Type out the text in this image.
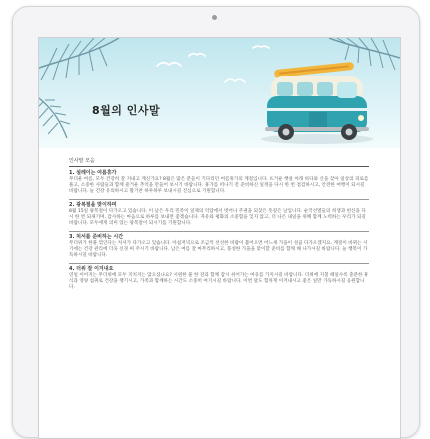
8월의 인사말
인사말 모음
1. 설레이는 여름휴가
무더운 여름, 모두 건강히 잘 지내고 계신가요? 8월은 많은 분들이 기다리던 여름휴가의 계절입니다. 뜨거운 햇살 아래 바다와 산을 찾아 일상의 피로를 풀고, 소중한 사람들과 함께 즐거운 추억을 만들어 보시기 바랍니다. 휴가를 떠나기 전 준비하신 일정을 다시 한 번 점검하시고, 안전한 여행이 되시길 바랍니다. 늘 건강 유의하시고 활기찬 하루하루 보내시길 진심으로 기원합니다.
2. 광복절을 맞이하며
8월 15일 광복절이 다가오고 있습니다. 이 날은 우리 민족이 일제의 억압에서 벗어나 주권을 되찾은 뜻깊은 날입니다. 순국선열들의 희생과 헌신을 다시 한 번 되새기며, 감사하는 마음으로 하루를 보내면 좋겠습니다. 자유와 평화의 소중함을 잊지 않고, 더 나은 내일을 위해 함께 노력하는 우리가 되길 바랍니다. 모두에게 의미 있는 광복절이 되시기를 기원합니다.
3. 처서를 준비하는 시간
무더위가 한풀 꺾인다는 처서가 다가오고 있습니다. 아침저녁으로 조금씩 선선한 바람이 불어오면 어느새 가을이 성큼 다가오겠지요. 계절이 바뀌는 시기에는 건강 관리에 더욱 신경 써 주시기 바랍니다. 남은 여름 잘 마무리하시고, 풍성한 가을을 맞이할 준비를 함께 해 나가시길 바랍니다. 늘 행복이 가득하시길 바랍니다.
4. 더위 잘 이겨내요
연일 이어지는 무더위에 모두 지치지는 않으셨나요? 시원한 물 한 잔과 함께 잠시 쉬어가는 여유를 가지시길 바랍니다. 더위에 지칠 때일수록 충분한 휴식과 영양 섭취로 건강을 챙기시고, 가족과 함께하는 시간도 소중히 여기시길 바랍니다. 이번 달도 힘차게 이겨내시고 좋은 일만 가득하시길 응원합니다.
